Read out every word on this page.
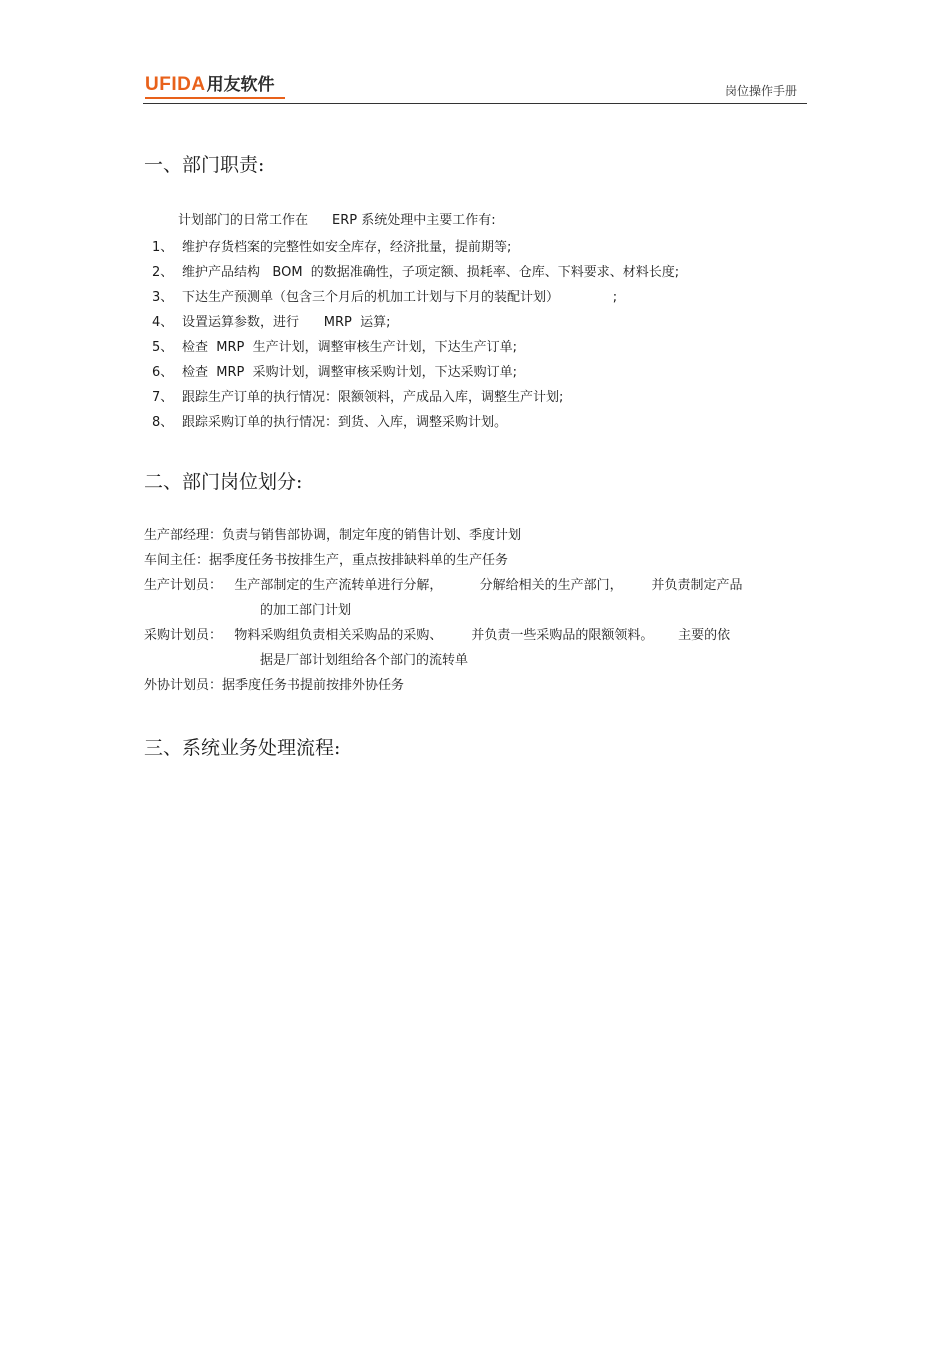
UFIDA 用友软件	岗位操作手册
一、部门职责:
计划部门的日常工作在 ERP 系统处理中主要工作有:
1、 维护存货档案的完整性如安全库存，经济批量，提前期等;
2、 维护产品结构   BOM  的数据准确性，子项定额、损耗率、仓库、下料要求、材料长度;
3、 下达生产预测单（包含三个月后的机加工计划与下月的装配计划）             ;
4、 设置运算参数，进行      MRP  运算;
5、 检查  MRP  生产计划，调整审核生产计划，下达生产订单;
6、 检查  MRP  采购计划，调整审核采购计划，下达采购订单;
7、 跟踪生产订单的执行情况：限额领料，产成品入库，调整生产计划;
8、 跟踪采购订单的执行情况：到货、入库，调整采购计划。
二、部门岗位划分:
生产部经理：负责与销售部协调，制定年度的销售计划、季度计划
车间主任：据季度任务书按排生产，重点按排缺料单的生产任务
生产计划员：   生产部制定的生产流转单进行分解，         分解给相关的生产部门，       并负责制定产品
的加工部门计划
采购计划员：   物料采购组负责相关采购品的采购、       并负责一些采购品的限额领料。      主要的依
据是厂部计划组给各个部门的流转单
外协计划员：据季度任务书提前按排外协任务
三、系统业务处理流程:
